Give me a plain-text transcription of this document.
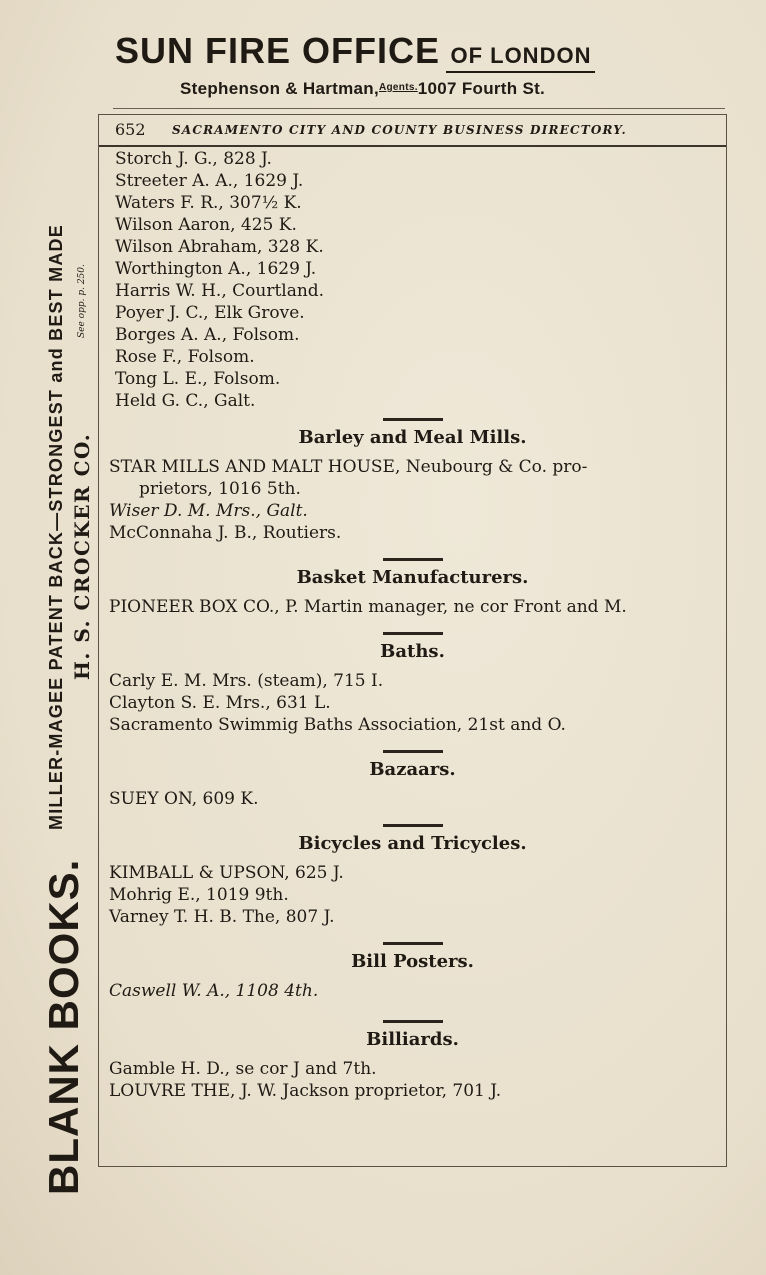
SUN FIRE OFFICE OF LONDON
Stephenson & Hartman,$^{Agents.}$1007 Fourth St.
BLANK BOOKS.
MILLER-MAGEE PATENT BACK—STRONGEST and BEST MADE H. S. CROCKER CO.
See opp. p. 250.
652 SACRAMENTO CITY AND COUNTY BUSINESS DIRECTORY.
Storch J. G., 828 J.
Streeter A. A., 1629 J.
Waters F. R., 307½ K.
Wilson Aaron, 425 K.
Wilson Abraham, 328 K.
Worthington A., 1629 J.
Harris W. H., Courtland.
Poyer J. C., Elk Grove.
Borges A. A., Folsom.
Rose F., Folsom.
Tong L. E., Folsom.
Held G. C., Galt.
Barley and Meal Mills.
STAR MILLS AND MALT HOUSE, Neubourg & Co. pro-
prietors, 1016 5th.
Wiser D. M. Mrs., Galt.
McConnaha J. B., Routiers.
Basket Manufacturers.
PIONEER BOX CO., P. Martin manager, ne cor Front and M.
Baths.
Carly E. M. Mrs. (steam), 715 I.
Clayton S. E. Mrs., 631 L.
Sacramento Swimmig Baths Association, 21st and O.
Bazaars.
SUEY ON, 609 K.
Bicycles and Tricycles.
KIMBALL & UPSON, 625 J.
Mohrig E., 1019 9th.
Varney T. H. B. The, 807 J.
Bill Posters.
Caswell W. A., 1108 4th.
Billiards.
Gamble H. D., se cor J and 7th.
LOUVRE THE, J. W. Jackson proprietor, 701 J.
